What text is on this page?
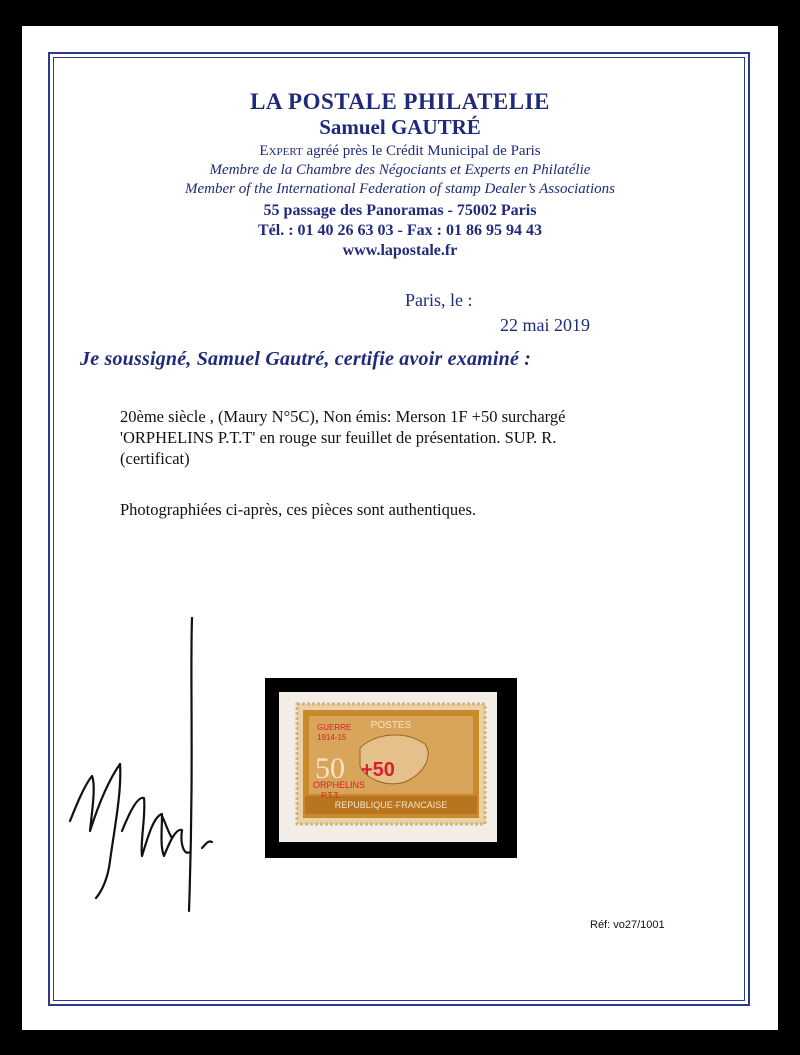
LA POSTALE PHILATELIE
Samuel GAUTRÉ
Expert agréé près le Crédit Municipal de Paris
Membre de la Chambre des Négociants et Experts en Philatélie
Member of the International Federation of stamp Dealer’s Associations
55 passage des Panoramas - 75002 Paris
Tél. : 01 40 26 63 03 - Fax : 01 86 95 94 43
www.lapostale.fr
Paris, le :
22 mai 2019
Je soussigné, Samuel Gautré, certifie avoir examiné :
20ème siècle , (Maury N°5C), Non émis: Merson 1F +50 surchargé
'ORPHELINS P.T.T' en rouge sur feuillet de présentation. SUP. R.
(certificat)
Photographiées ci-après, ces pièces sont authentiques.
REPUBLIQUE·FRANCAISE
POSTES
50
GUERRE
1914-15
ORPHELINS
P.T.T.
+50
Réf: vo27/1001
